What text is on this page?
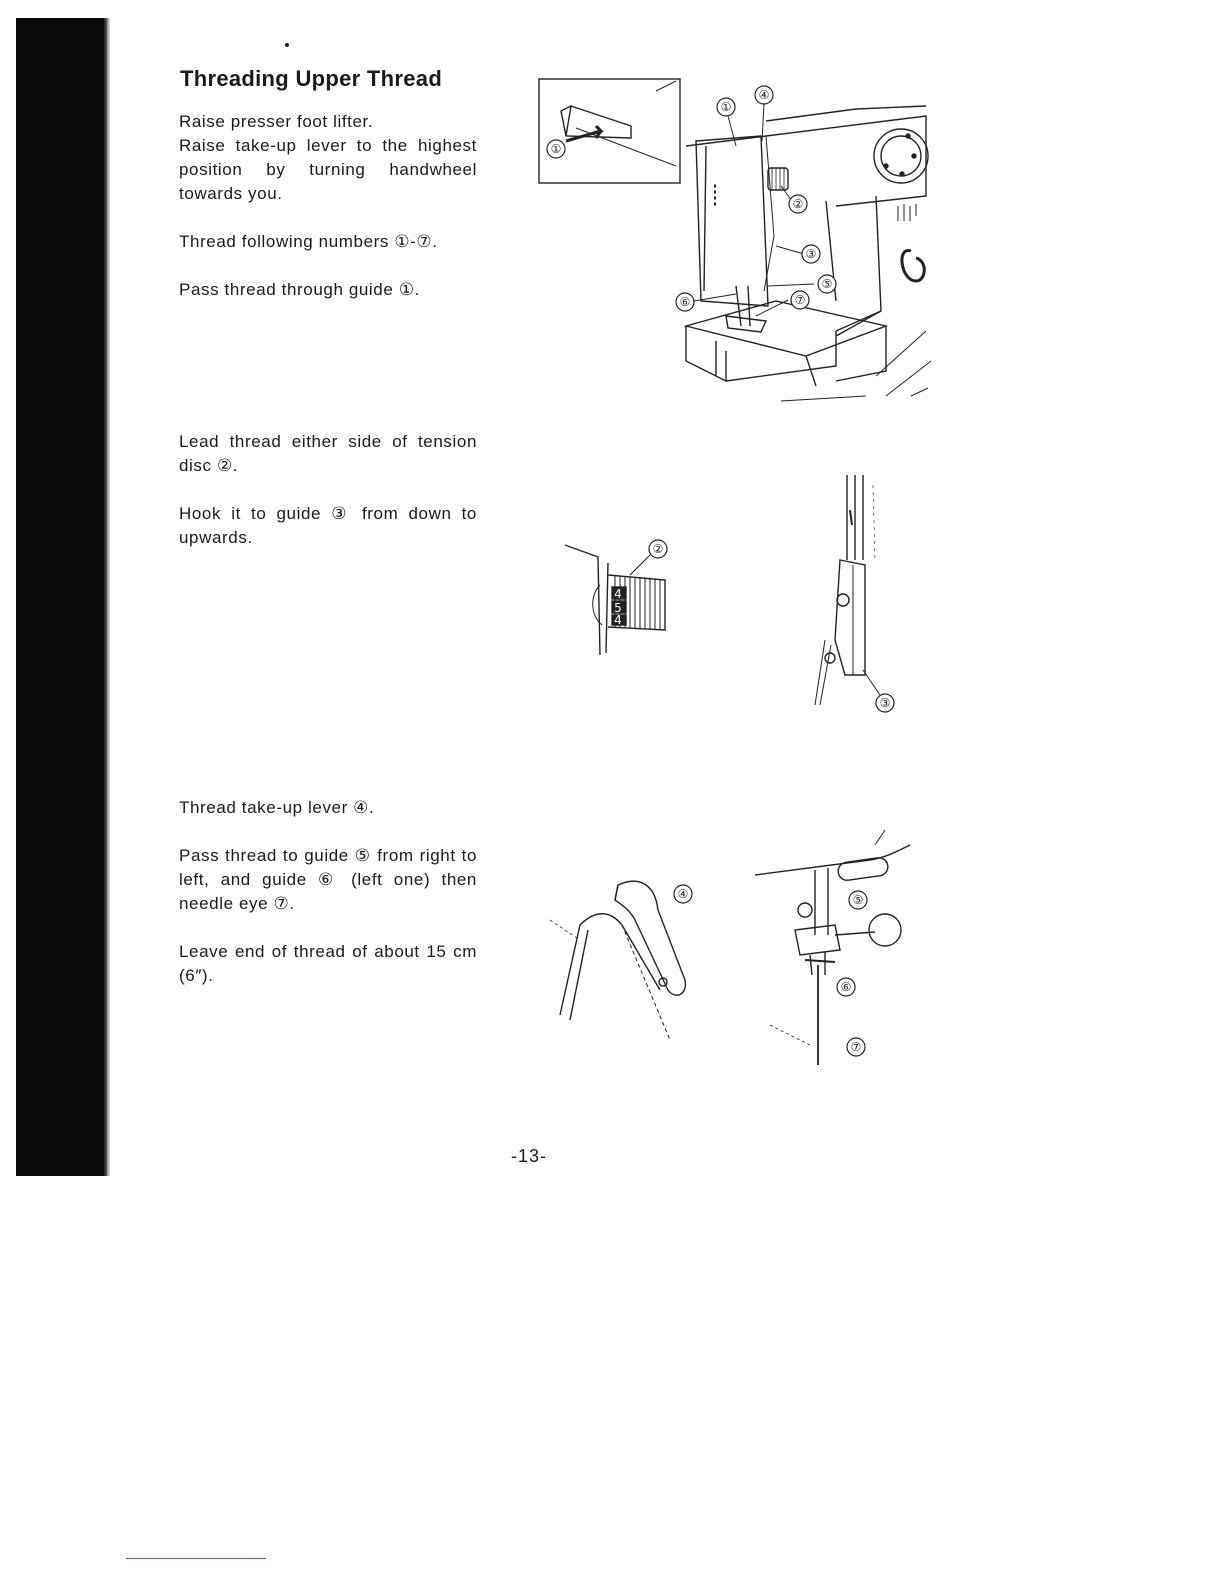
Threading Upper Thread

Raise presser foot lifter.

Raise take-up lever to the highest position by turning handwheel towards you.

Thread following numbers ①-⑦.

Pass thread through guide ①.

Lead thread either side of tension disc ②.

Hook it to guide ③ from down to upwards.

Thread take-up lever ④.

Pass thread to guide ⑤ from right to left, and guide ⑥ (left one) then needle eye ⑦.

Leave end of thread of about 15 cm (6″).

①
①
④
②
③
⑤
⑥	⑦
4
5
4
②
③
④	⑤
⑥
⑦
-13-
